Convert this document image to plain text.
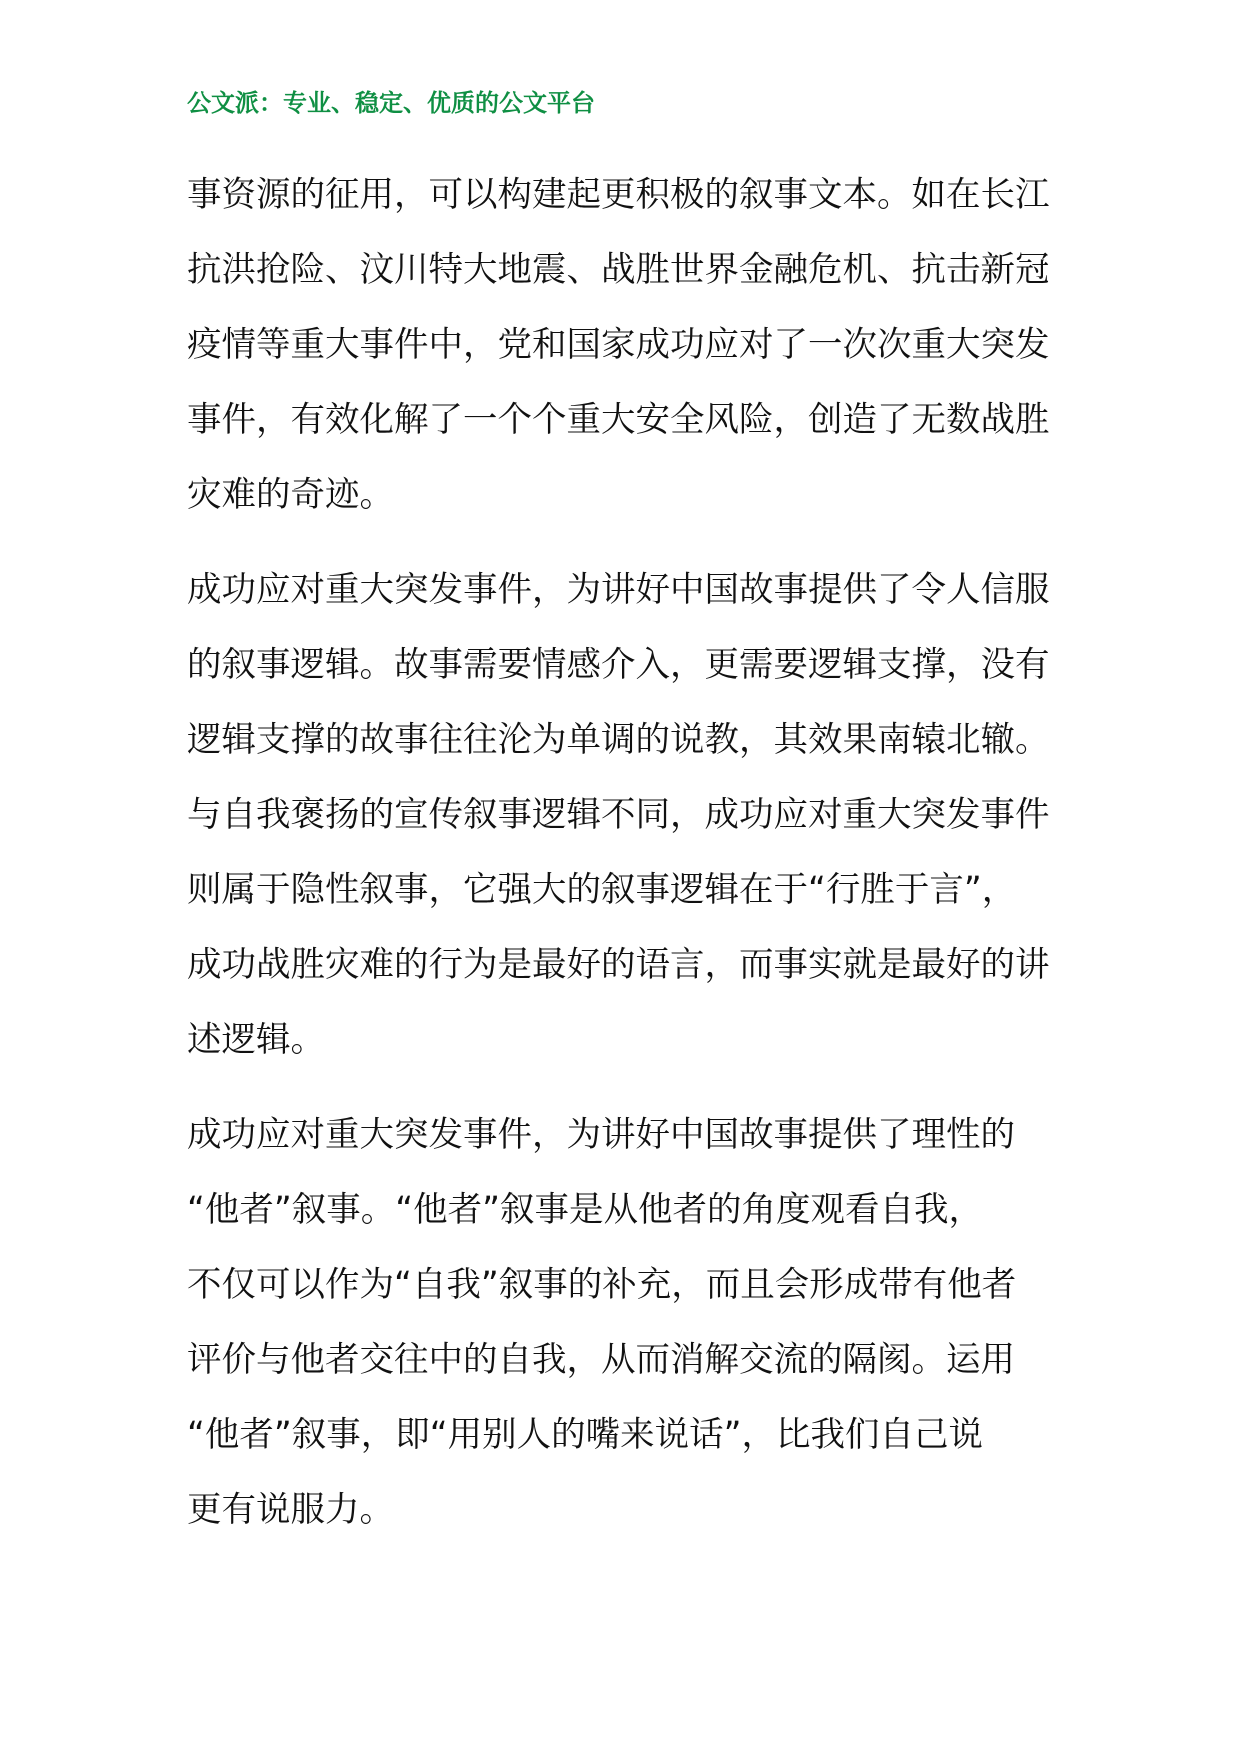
公文派：专业、稳定、优质的公文平台
事资源的征用，可以构建起更积极的叙事文本。如在长江
抗洪抢险、汶川特大地震、战胜世界金融危机、抗击新冠
疫情等重大事件中，党和国家成功应对了一次次重大突发
事件，有效化解了一个个重大安全风险，创造了无数战胜
灾难的奇迹。
成功应对重大突发事件，为讲好中国故事提供了令人信服
的叙事逻辑。故事需要情感介入，更需要逻辑支撑，没有
逻辑支撑的故事往往沦为单调的说教，其效果南辕北辙。
与自我褒扬的宣传叙事逻辑不同，成功应对重大突发事件
则属于隐性叙事，它强大的叙事逻辑在于“行胜于言”，
成功战胜灾难的行为是最好的语言，而事实就是最好的讲
述逻辑。
成功应对重大突发事件，为讲好中国故事提供了理性的
“他者”叙事。“他者”叙事是从他者的角度观看自我，
不仅可以作为“自我”叙事的补充，而且会形成带有他者
评价与他者交往中的自我，从而消解交流的隔阂。运用
“他者”叙事，即“用别人的嘴来说话”，比我们自己说
更有说服力。
